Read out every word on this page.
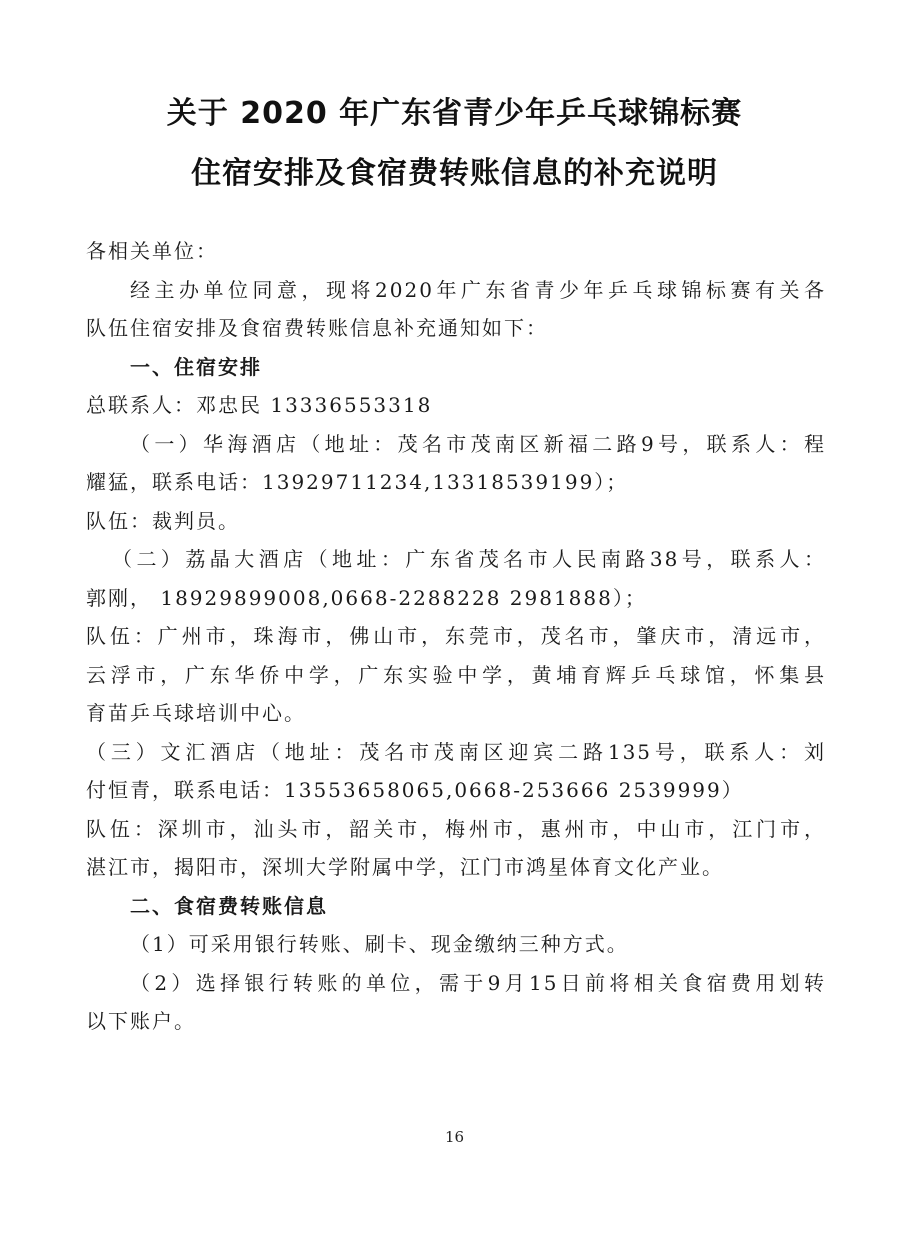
关于 2020 年广东省青少年乒乓球锦标赛
住宿安排及食宿费转账信息的补充说明

各相关单位：

经主办单位同意，现将2020年广东省青少年乒乓球锦标赛有关各

队伍住宿安排及食宿费转账信息补充通知如下：

一、住宿安排

总联系人：邓忠民 13336553318

（一）华海酒店（地址：茂名市茂南区新福二路9号，联系人：程

耀猛，联系电话：13929711234,13318539199）；

队伍：裁判员。

（二）荔晶大酒店（地址：广东省茂名市人民南路38号，联系人：

郭刚， 18929899008,0668-2288228 2981888）；

队伍：广州市，珠海市，佛山市，东莞市，茂名市，肇庆市，清远市，

云浮市，广东华侨中学，广东实验中学，黄埔育辉乒乓球馆，怀集县

育苗乒乓球培训中心。

（三）文汇酒店（地址：茂名市茂南区迎宾二路135号，联系人：刘

付恒青，联系电话：13553658065,0668-253666 2539999）

队伍：深圳市，汕头市，韶关市，梅州市，惠州市，中山市，江门市，

湛江市，揭阳市，深圳大学附属中学，江门市鸿星体育文化产业。

二、食宿费转账信息

（1）可采用银行转账、刷卡、现金缴纳三种方式。

（2）选择银行转账的单位，需于9月15日前将相关食宿费用划转

以下账户。

16
